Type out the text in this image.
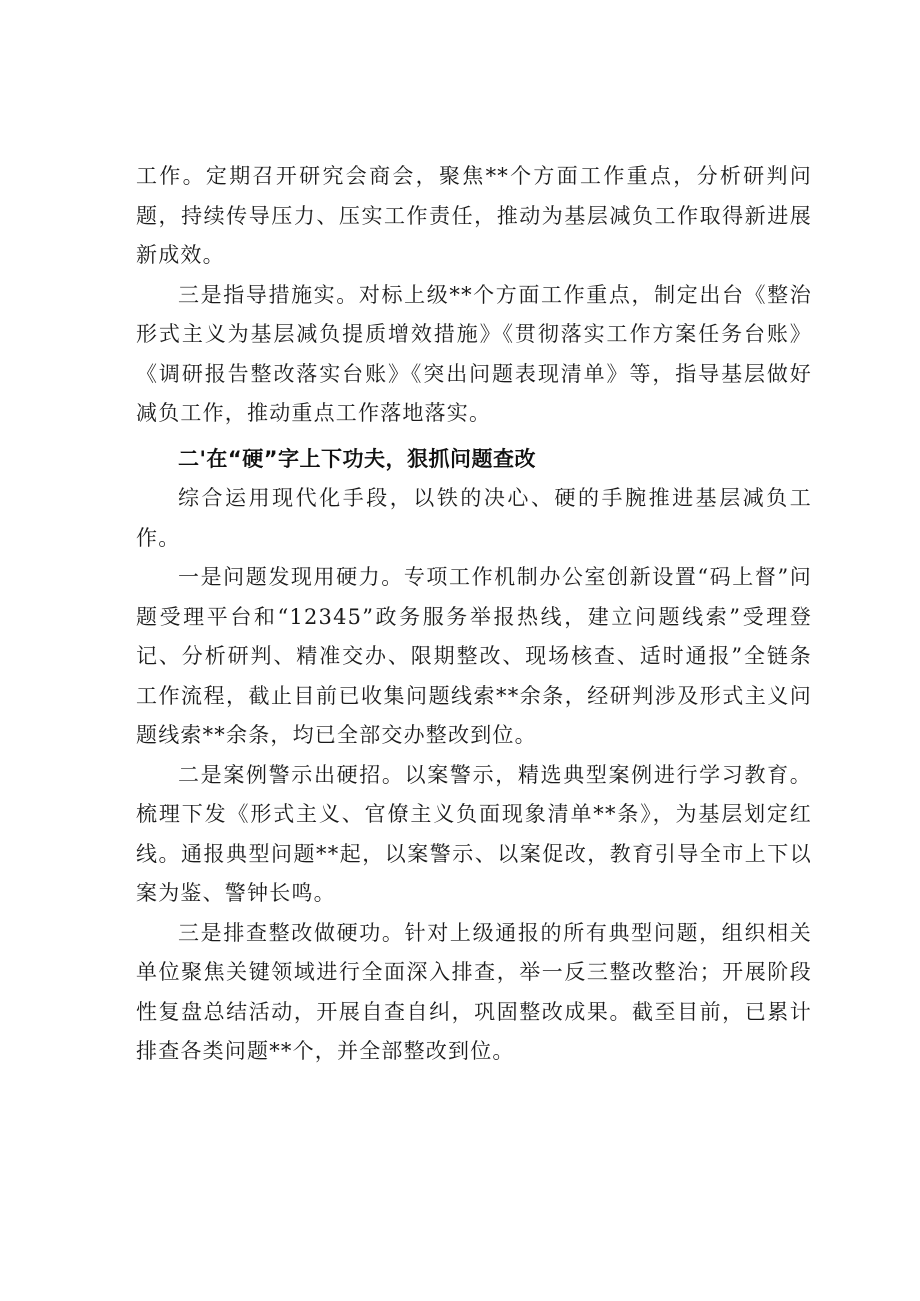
工作。定期召开研究会商会，聚焦**个方面工作重点，分析研判问题，持续传导压力、压实工作责任，推动为基层减负工作取得新进展新成效。

三是指导措施实。对标上级**个方面工作重点，制定出台《整治形式主义为基层减负提质增效措施》《贯彻落实工作方案任务台账》《调研报告整改落实台账》《突出问题表现清单》等，指导基层做好减负工作，推动重点工作落地落实。

二'在“硬”字上下功夫，狠抓问题查改

综合运用现代化手段，以铁的决心、硬的手腕推进基层减负工作。

一是问题发现用硬力。专项工作机制办公室创新设置“码上督”问题受理平台和“12345”政务服务举报热线，建立问题线索”受理登记、分析研判、精准交办、限期整改、现场核查、适时通报”全链条工作流程，截止目前已收集问题线索**余条，经研判涉及形式主义问题线索**余条，均已全部交办整改到位。

二是案例警示出硬招。以案警示，精选典型案例进行学习教育。梳理下发《形式主义、官僚主义负面现象清单**条》，为基层划定红线。通报典型问题**起，以案警示、以案促改，教育引导全市上下以案为鉴、警钟长鸣。

三是排查整改做硬功。针对上级通报的所有典型问题，组织相关单位聚焦关键领域进行全面深入排查，举一反三整改整治；开展阶段性复盘总结活动，开展自查自纠，巩固整改成果。截至目前，已累计排查各类问题**个，并全部整改到位。
